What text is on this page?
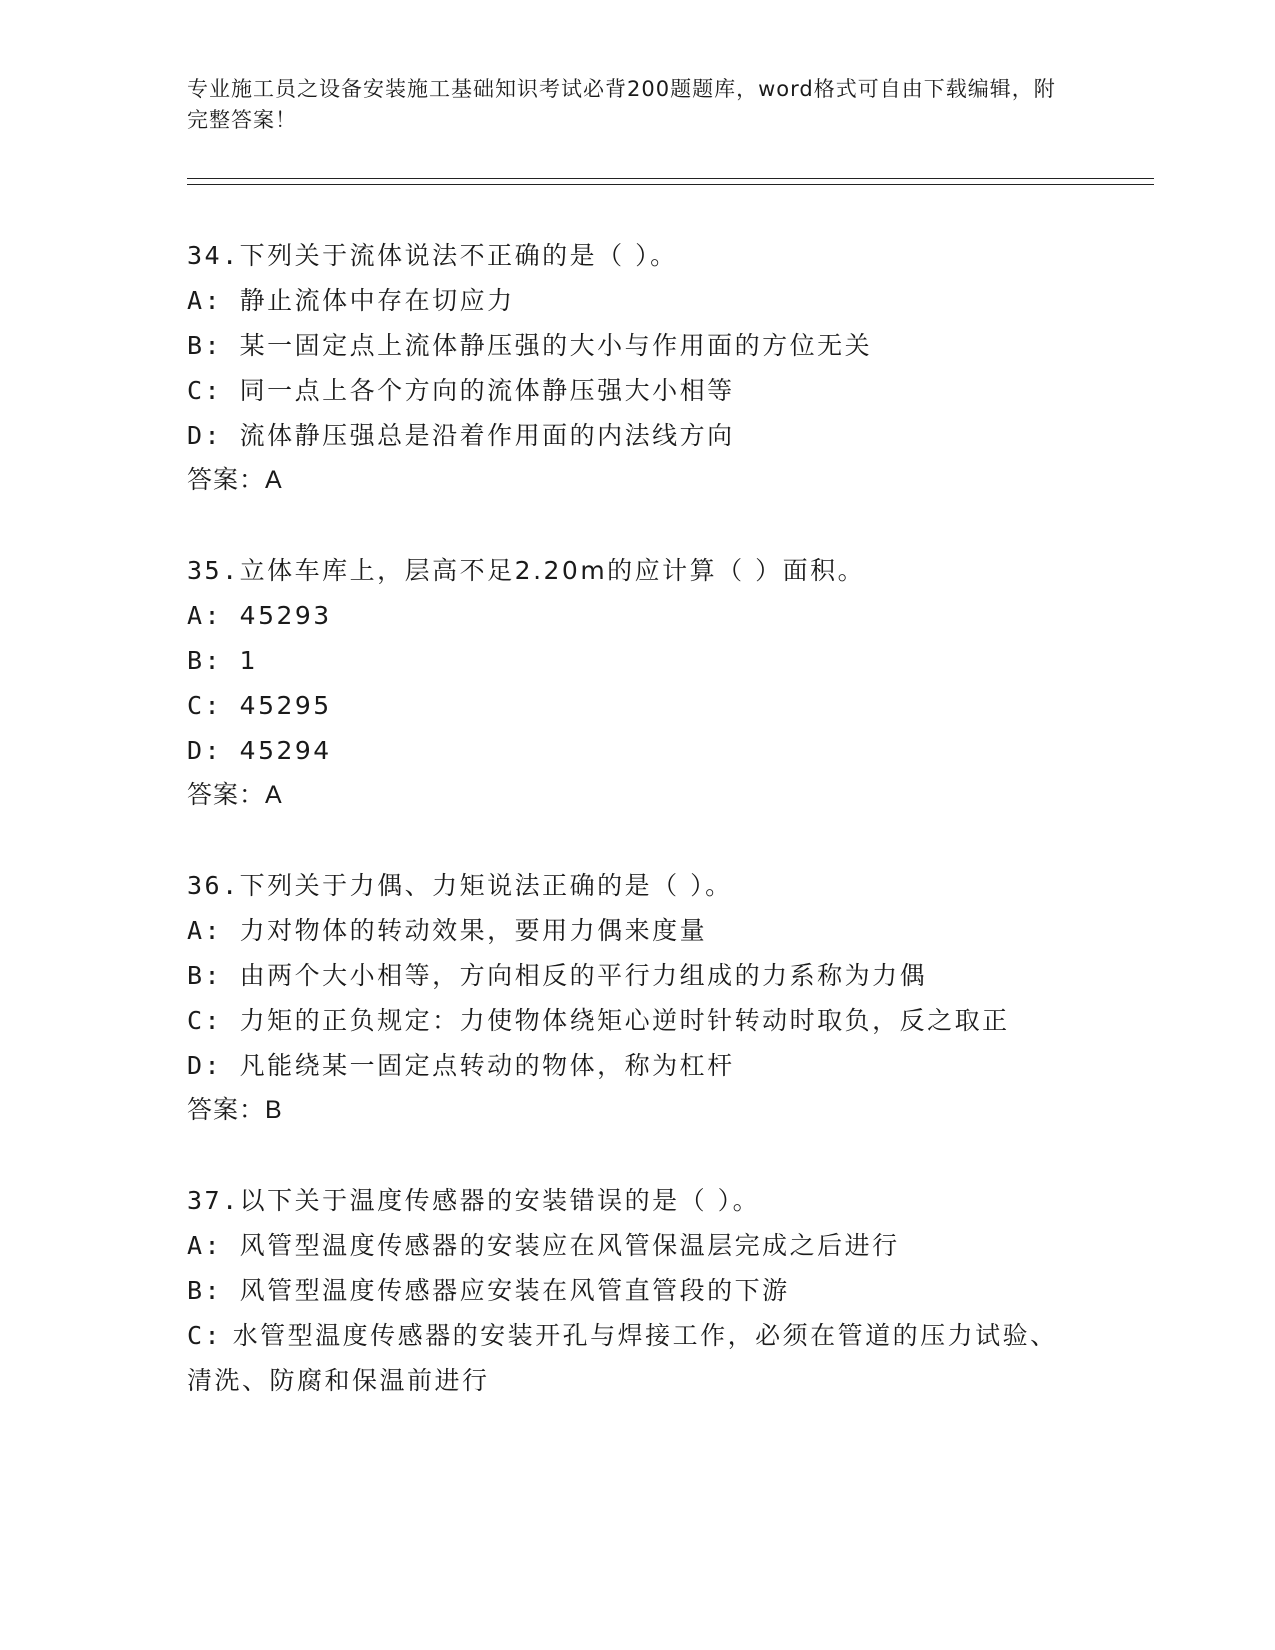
专业施工员之设备安装施工基础知识考试必背200题题库，word格式可自由下载编辑，附完整答案！
34.下列关于流体说法不正确的是（ ）。
A: 静止流体中存在切应力
B: 某一固定点上流体静压强的大小与作用面的方位无关
C: 同一点上各个方向的流体静压强大小相等
D: 流体静压强总是沿着作用面的内法线方向
答案：A
35.立体车库上，层高不足2.20m的应计算（ ）面积。
A: 45293
B: 1
C: 45295
D: 45294
答案：A
36.下列关于力偶、力矩说法正确的是（ ）。
A: 力对物体的转动效果，要用力偶来度量
B: 由两个大小相等，方向相反的平行力组成的力系称为力偶
C: 力矩的正负规定：力使物体绕矩心逆时针转动时取负，反之取正
D: 凡能绕某一固定点转动的物体，称为杠杆
答案：B
37.以下关于温度传感器的安装错误的是（ ）。
A: 风管型温度传感器的安装应在风管保温层完成之后进行
B: 风管型温度传感器应安装在风管直管段的下游
C: 水管型温度传感器的安装开孔与焊接工作，必须在管道的压力试验、清洗、防腐和保温前进行
